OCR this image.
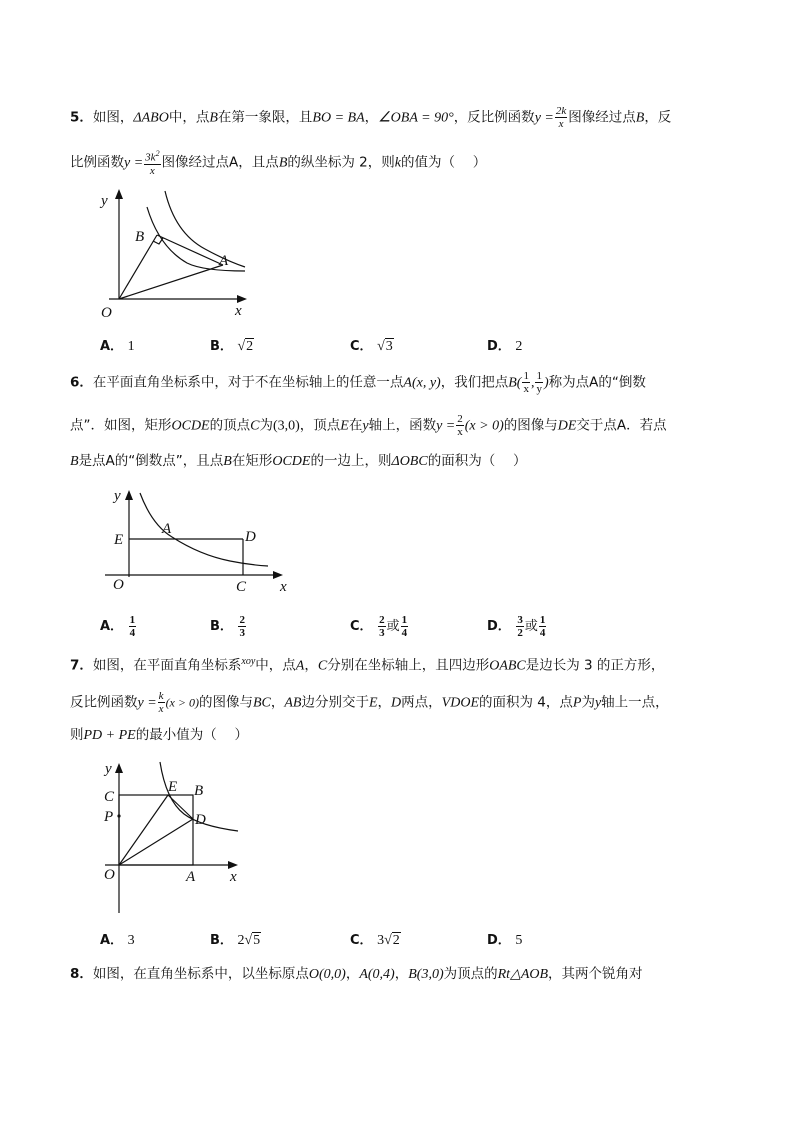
5．如图，ΔABO中，点B在第一象限，且BO = BA，∠OBA = 90°，反比例函数$y = \frac{2k}{x}$ 图像经过点B，反
比例函数$y = \frac{3k^2}{x}$ 图像经过点A，且点B的纵坐标为 2，则k的值为（　 ）
y
B
A
O	x
A． 1	B． √2	C． √3	D． 2
6．在平面直角坐标系中，对于不在坐标轴上的任意一点A(x, y)，我们把点$B( \frac{1}{x}$ , $\frac{1}{y}$ )称为点A的“倒数
点”．如图，矩形OCDE的顶点C为(3,0)，顶点E在y轴上，函数$y = \frac{2}{x} (x > 0)$的图像与DE交于点A．若点
B是点A的“倒数点”，且点B在矩形OCDE的一边上，则ΔOBC的面积为（　 ）
y
E
A	D
O	C x
A． $\frac{1}{4}$	B． $\frac{2}{3}$	C． $\frac{2}{3}$ 或 $\frac{1}{4}$	D． $\frac{3}{2}$ 或 $\frac{1}{4}$
7．如图，在平面直角坐标系$^{xoy}$中，点A，C分别在坐标轴上，且四边形OABC是边长为 3 的正方形，
反比例函数$y = \frac{k}{x} (x > 0)$的图像与BC，AB边分别交于E，D两点，VDOE的面积为 4，点P为y轴上一点，
则PD + PE的最小值为（　 ）
y
C
E B
P	D
O	A x
A． 3	B． 2√5	C． 3√2	D． 5
8．如图，在直角坐标系中，以坐标原点O(0,0)，A(0,4)，B(3,0)为顶点的Rt△AOB，其两个锐角对
